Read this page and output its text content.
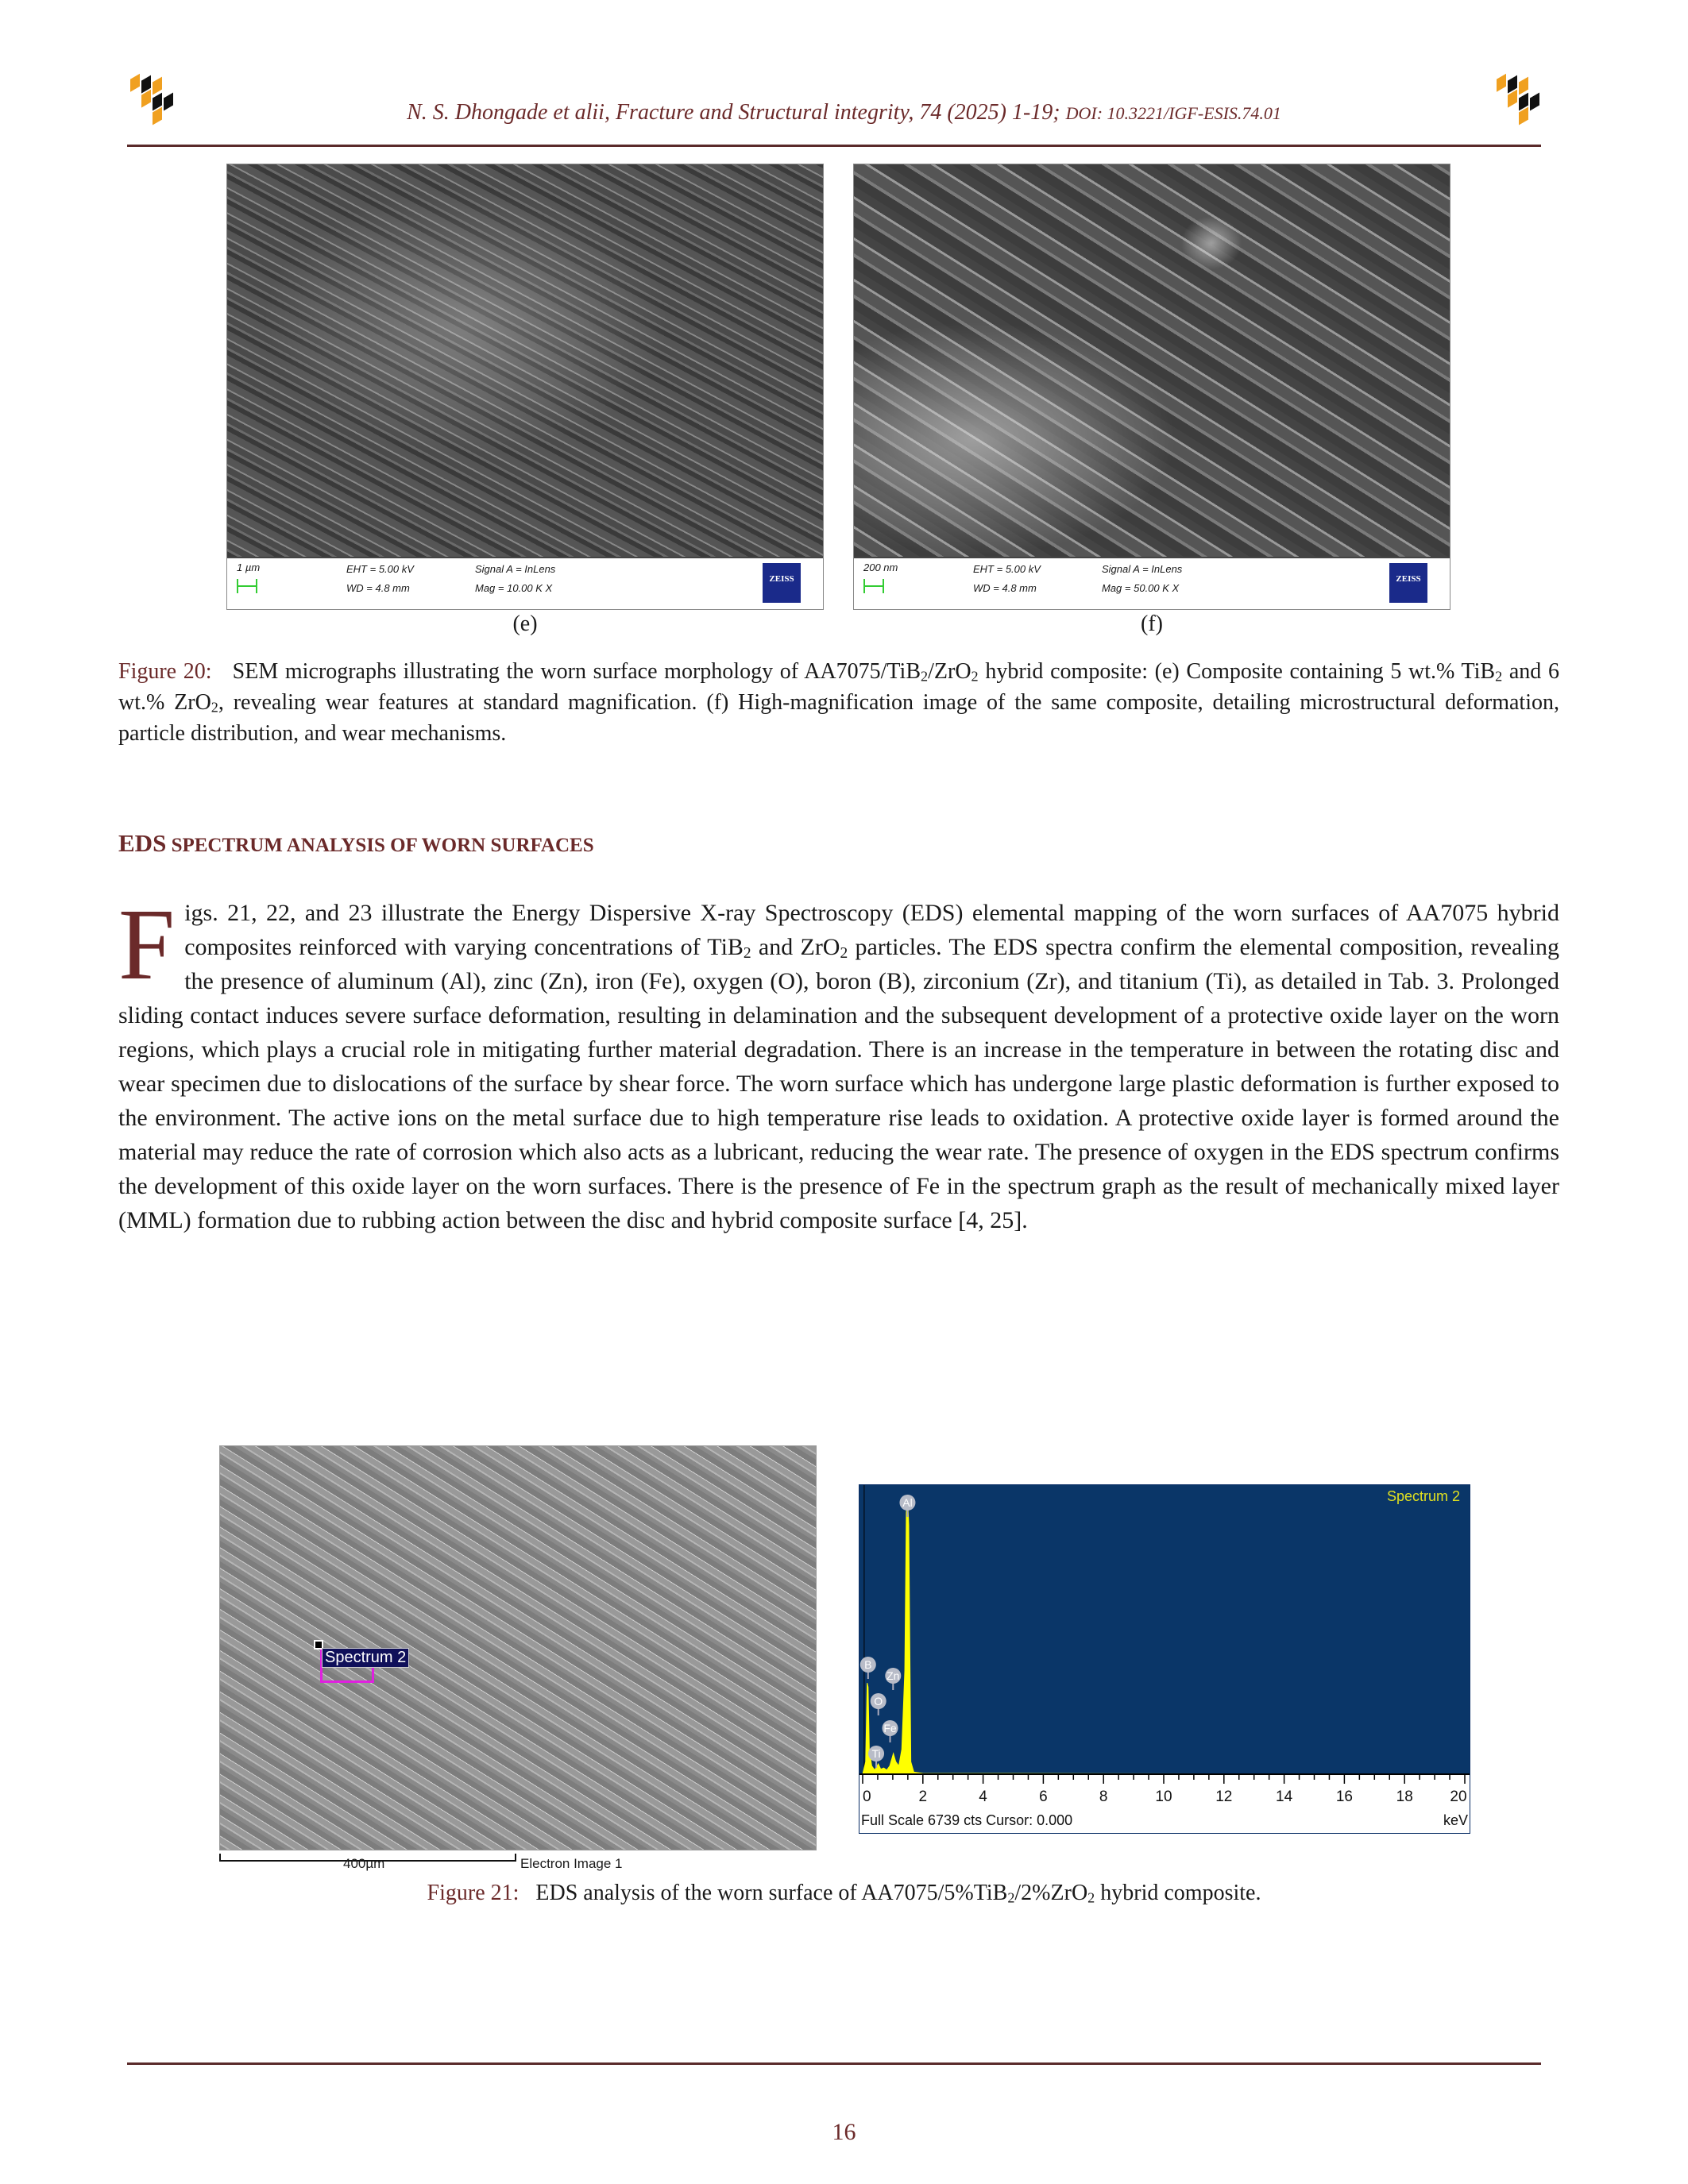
N. S. Dhongade et alii, Fracture and Structural integrity, 74 (2025) 1-19; DOI: 10.3221/IGF-ESIS.74.01
1 µm	EHT = 5.00 kV
WD = 4.8 mm
Signal A = InLens
Mag = 10.00 K X
ZEISS
200 nm	EHT = 5.00 kV
WD = 4.8 mm
Signal A = InLens
Mag = 50.00 K X
ZEISS
(e)	(f)
Figure 20: SEM micrographs illustrating the worn surface morphology of AA7075/TiB$_2$/ZrO$_2$ hybrid composite: (e) Composite containing 5 wt.% TiB$_2$ and 6 wt.% ZrO$_2$, revealing wear features at standard magnification. (f) High-magnification image of the same composite, detailing microstructural deformation, particle distribution, and wear mechanisms.
EDS SPECTRUM ANALYSIS OF WORN SURFACES
Figs. 21, 22, and 23 illustrate the Energy Dispersive X-ray Spectroscopy (EDS) elemental mapping of the worn surfaces of AA7075 hybrid composites reinforced with varying concentrations of TiB$_2$ and ZrO$_2$ particles. The EDS spectra confirm the elemental composition, revealing the presence of aluminum (Al), zinc (Zn), iron (Fe), oxygen (O), boron (B), zirconium (Zr), and titanium (Ti), as detailed in Tab. 3. Prolonged sliding contact induces severe surface deformation, resulting in delamination and the subsequent development of a protective oxide layer on the worn regions, which plays a crucial role in mitigating further material degradation. There is an increase in the temperature in between the rotating disc and wear specimen due to dislocations of the surface by shear force. The worn surface which has undergone large plastic deformation is further exposed to the environment. The active ions on the metal surface due to high temperature rise leads to oxidation. A protective oxide layer is formed around the material may reduce the rate of corrosion which also acts as a lubricant, reducing the wear rate. The presence of oxygen in the EDS spectrum confirms the development of this oxide layer on the worn surfaces. There is the presence of Fe in the spectrum graph as the result of mechanically mixed layer (MML) formation due to rubbing action between the disc and hybrid composite surface [4, 25].
Spectrum 2
400µm	Electron Image 1
Al
B
Zn
O
Fe
Ti
Spectrum 2
0	2	4	6	8	10	12	14	16	18 20
Full Scale 6739 cts Cursor: 0.000	keV
Figure 21: EDS analysis of the worn surface of AA7075/5%TiB$_2$/2%ZrO$_2$ hybrid composite.
16
